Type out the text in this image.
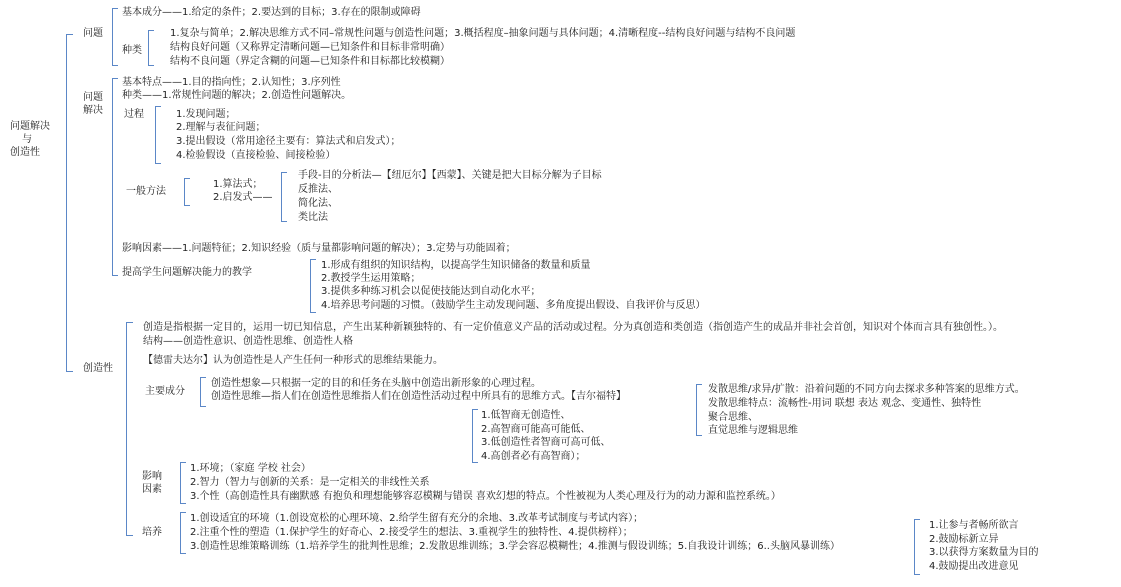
问题解决
与
创造性
问题
基本成分——1.给定的条件；2.要达到的目标；3.存在的限制或障碍
种类
1.复杂与简单；2.解决思维方式不同–常规性问题与创造性问题；3.概括程度–抽象问题与具体问题；4.清晰程度--结构良好问题与结构不良问题
结构良好问题（又称界定清晰问题—已知条件和目标非常明确）
结构不良问题（界定含糊的问题—已知条件和目标都比较模糊）
问题
解决
基本特点——1.目的指向性；2.认知性；3.序列性
种类——1.常规性问题的解决；2.创造性问题解决。
过程	1.发现问题；
2.理解与表征问题；
3.提出假设（常用途径主要有：算法式和启发式）；
4.检验假设（直接检验、间接检验）
一般方法
1.算法式；
2.启发式——
手段-目的分析法—【纽厄尔】【西蒙】、关键是把大目标分解为子目标
反推法、
简化法、
类比法
影响因素——1.问题特征；2.知识经验（质与量都影响问题的解决）；3.定势与功能固着；
提高学生问题解决能力的教学
1.形成有组织的知识结构，以提高学生知识储备的数量和质量
2.教授学生运用策略；
3.提供多种练习机会以促使技能达到自动化水平；
4.培养思考问题的习惯。（鼓励学生主动发现问题、多角度提出假设、自我评价与反思）
创造性
创造是指根据一定目的，运用一切已知信息，产生出某种新颖独特的、有一定价值意义产品的活动或过程。分为真创造和类创造（指创造产生的成品并非社会首创，知识对个体而言具有独创性。）。
结构——创造性意识、创造性思维、创造性人格
【德雷夫达尔】认为创造性是人产生任何一种形式的思维结果能力。
主要成分
创造性想象—只根据一定的目的和任务在头脑中创造出新形象的心理过程。
创造性思维—指人们在创造性思维指人们在创造性活动过程中所具有的思维方式。【吉尔福特】
1.低智商无创造性、
2.高智商可能高可能低、
3.低创造性者智商可高可低、
4.高创者必有高智商）；
发散思维/求异/扩散：沿着问题的不同方向去探求多种答案的思维方式。
发散思维特点：流畅性-用词 联想 表达 观念、变通性、独特性
聚合思维、
直觉思维与逻辑思维
影响
因素
1.环境；（家庭 学校 社会）
2.智力（智力与创新的关系：是一定相关的非线性关系
3.个性（高创造性具有幽默感 有抱负和理想能够容忍模糊与错误 喜欢幻想的特点。个性被视为人类心理及行为的动力源和监控系统。）
培养
1.创设适宜的环境（1.创设宽松的心理环境、2.给学生留有充分的余地、3.改革考试制度与考试内容）；
2.注重个性的塑造（1.保护学生的好奇心、2.接受学生的想法、3.重视学生的独特性、4.提供榜样）；
3.创造性思维策略训练（1.培养学生的批判性思维；2.发散思维训练；3.学会容忍模糊性；4.推测与假设训练；5.自我设计训练；6..头脑风暴训练）
1.让参与者畅所欲言
2.鼓励标新立异
3.以获得方案数量为目的
4.鼓励提出改进意见
